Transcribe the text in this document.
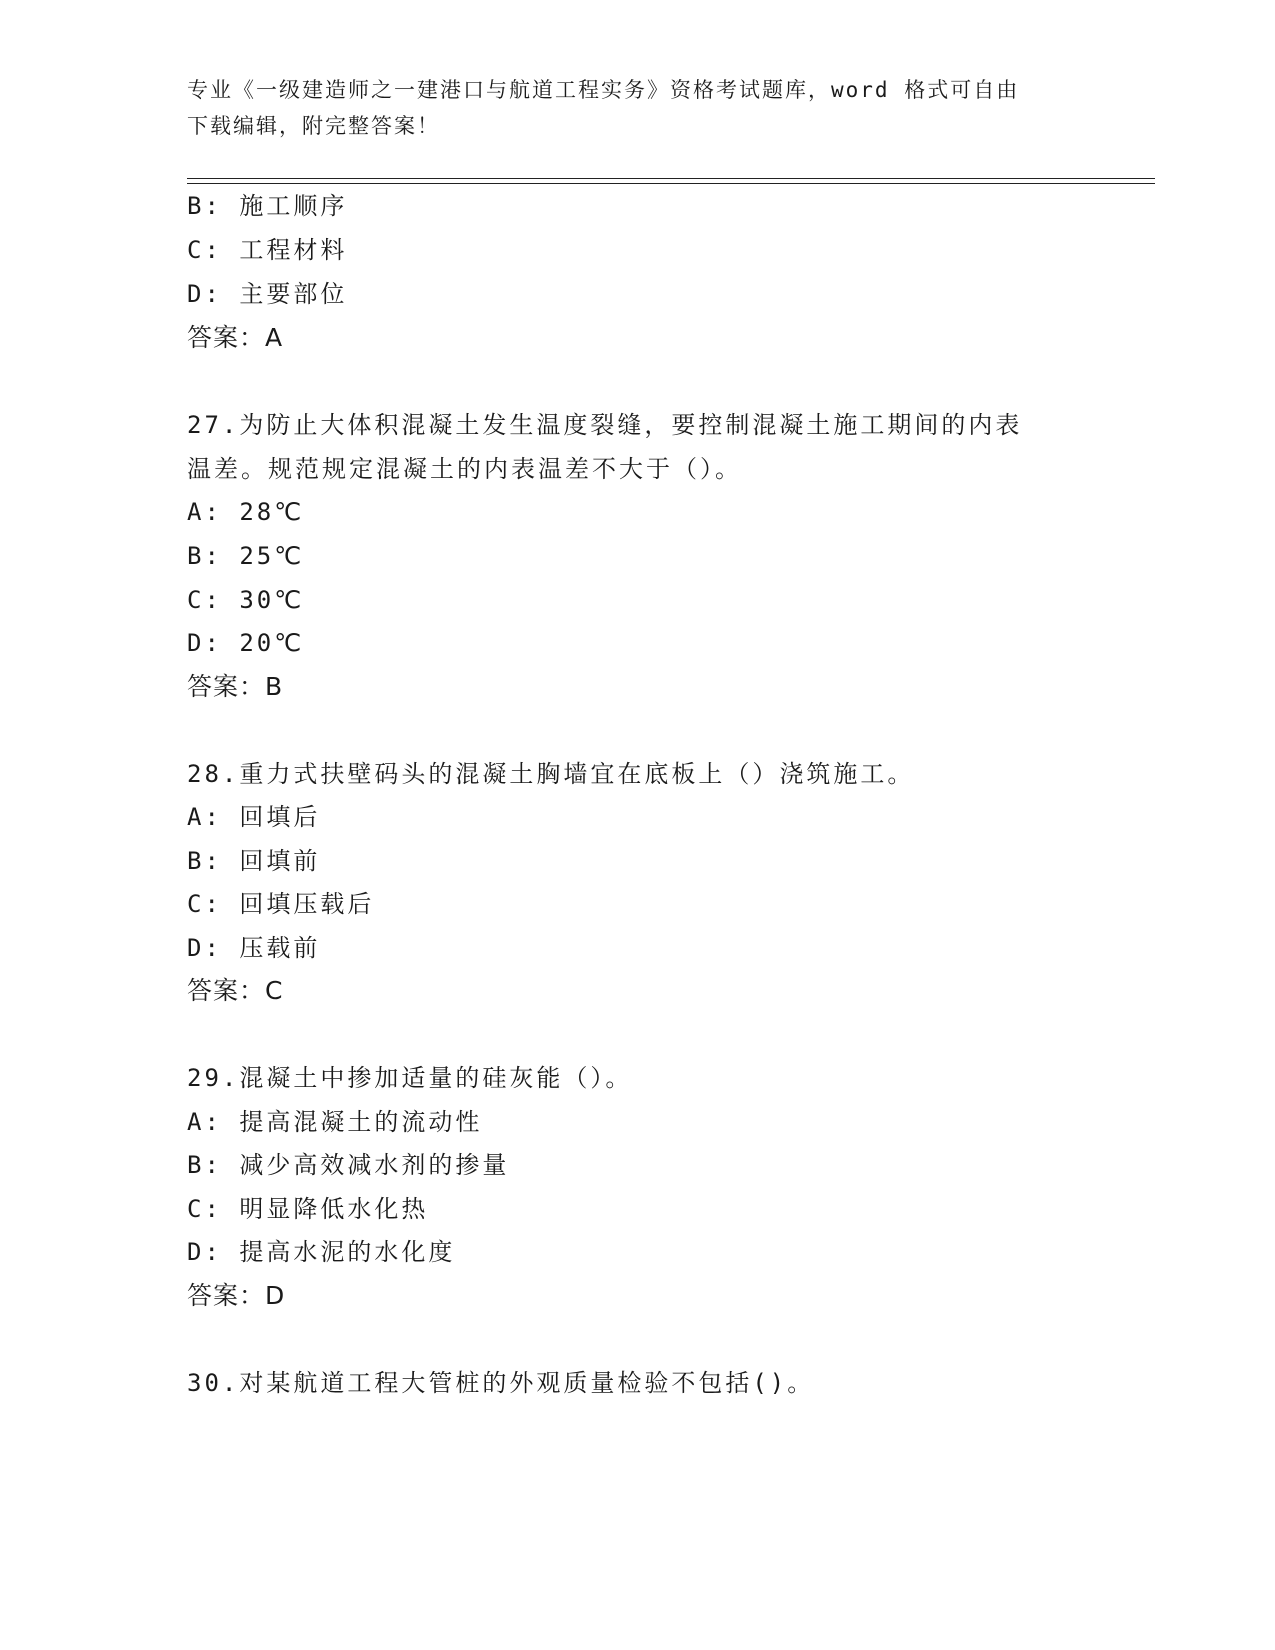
专业《一级建造师之一建港口与航道工程实务》资格考试题库，word 格式可自由
下载编辑，附完整答案！
B: 施工顺序
C: 工程材料
D: 主要部位
答案：A
27.为防止大体积混凝土发生温度裂缝，要控制混凝土施工期间的内表
温差。规范规定混凝土的内表温差不大于（）。
A: 28℃
B: 25℃
C: 30℃
D: 20℃
答案：B
28.重力式扶壁码头的混凝土胸墙宜在底板上（）浇筑施工。
A: 回填后
B: 回填前
C: 回填压载后
D: 压载前
答案：C
29.混凝土中掺加适量的硅灰能（）。
A: 提高混凝土的流动性
B: 减少高效减水剂的掺量
C: 明显降低水化热
D: 提高水泥的水化度
答案：D
30.对某航道工程大管桩的外观质量检验不包括()。
